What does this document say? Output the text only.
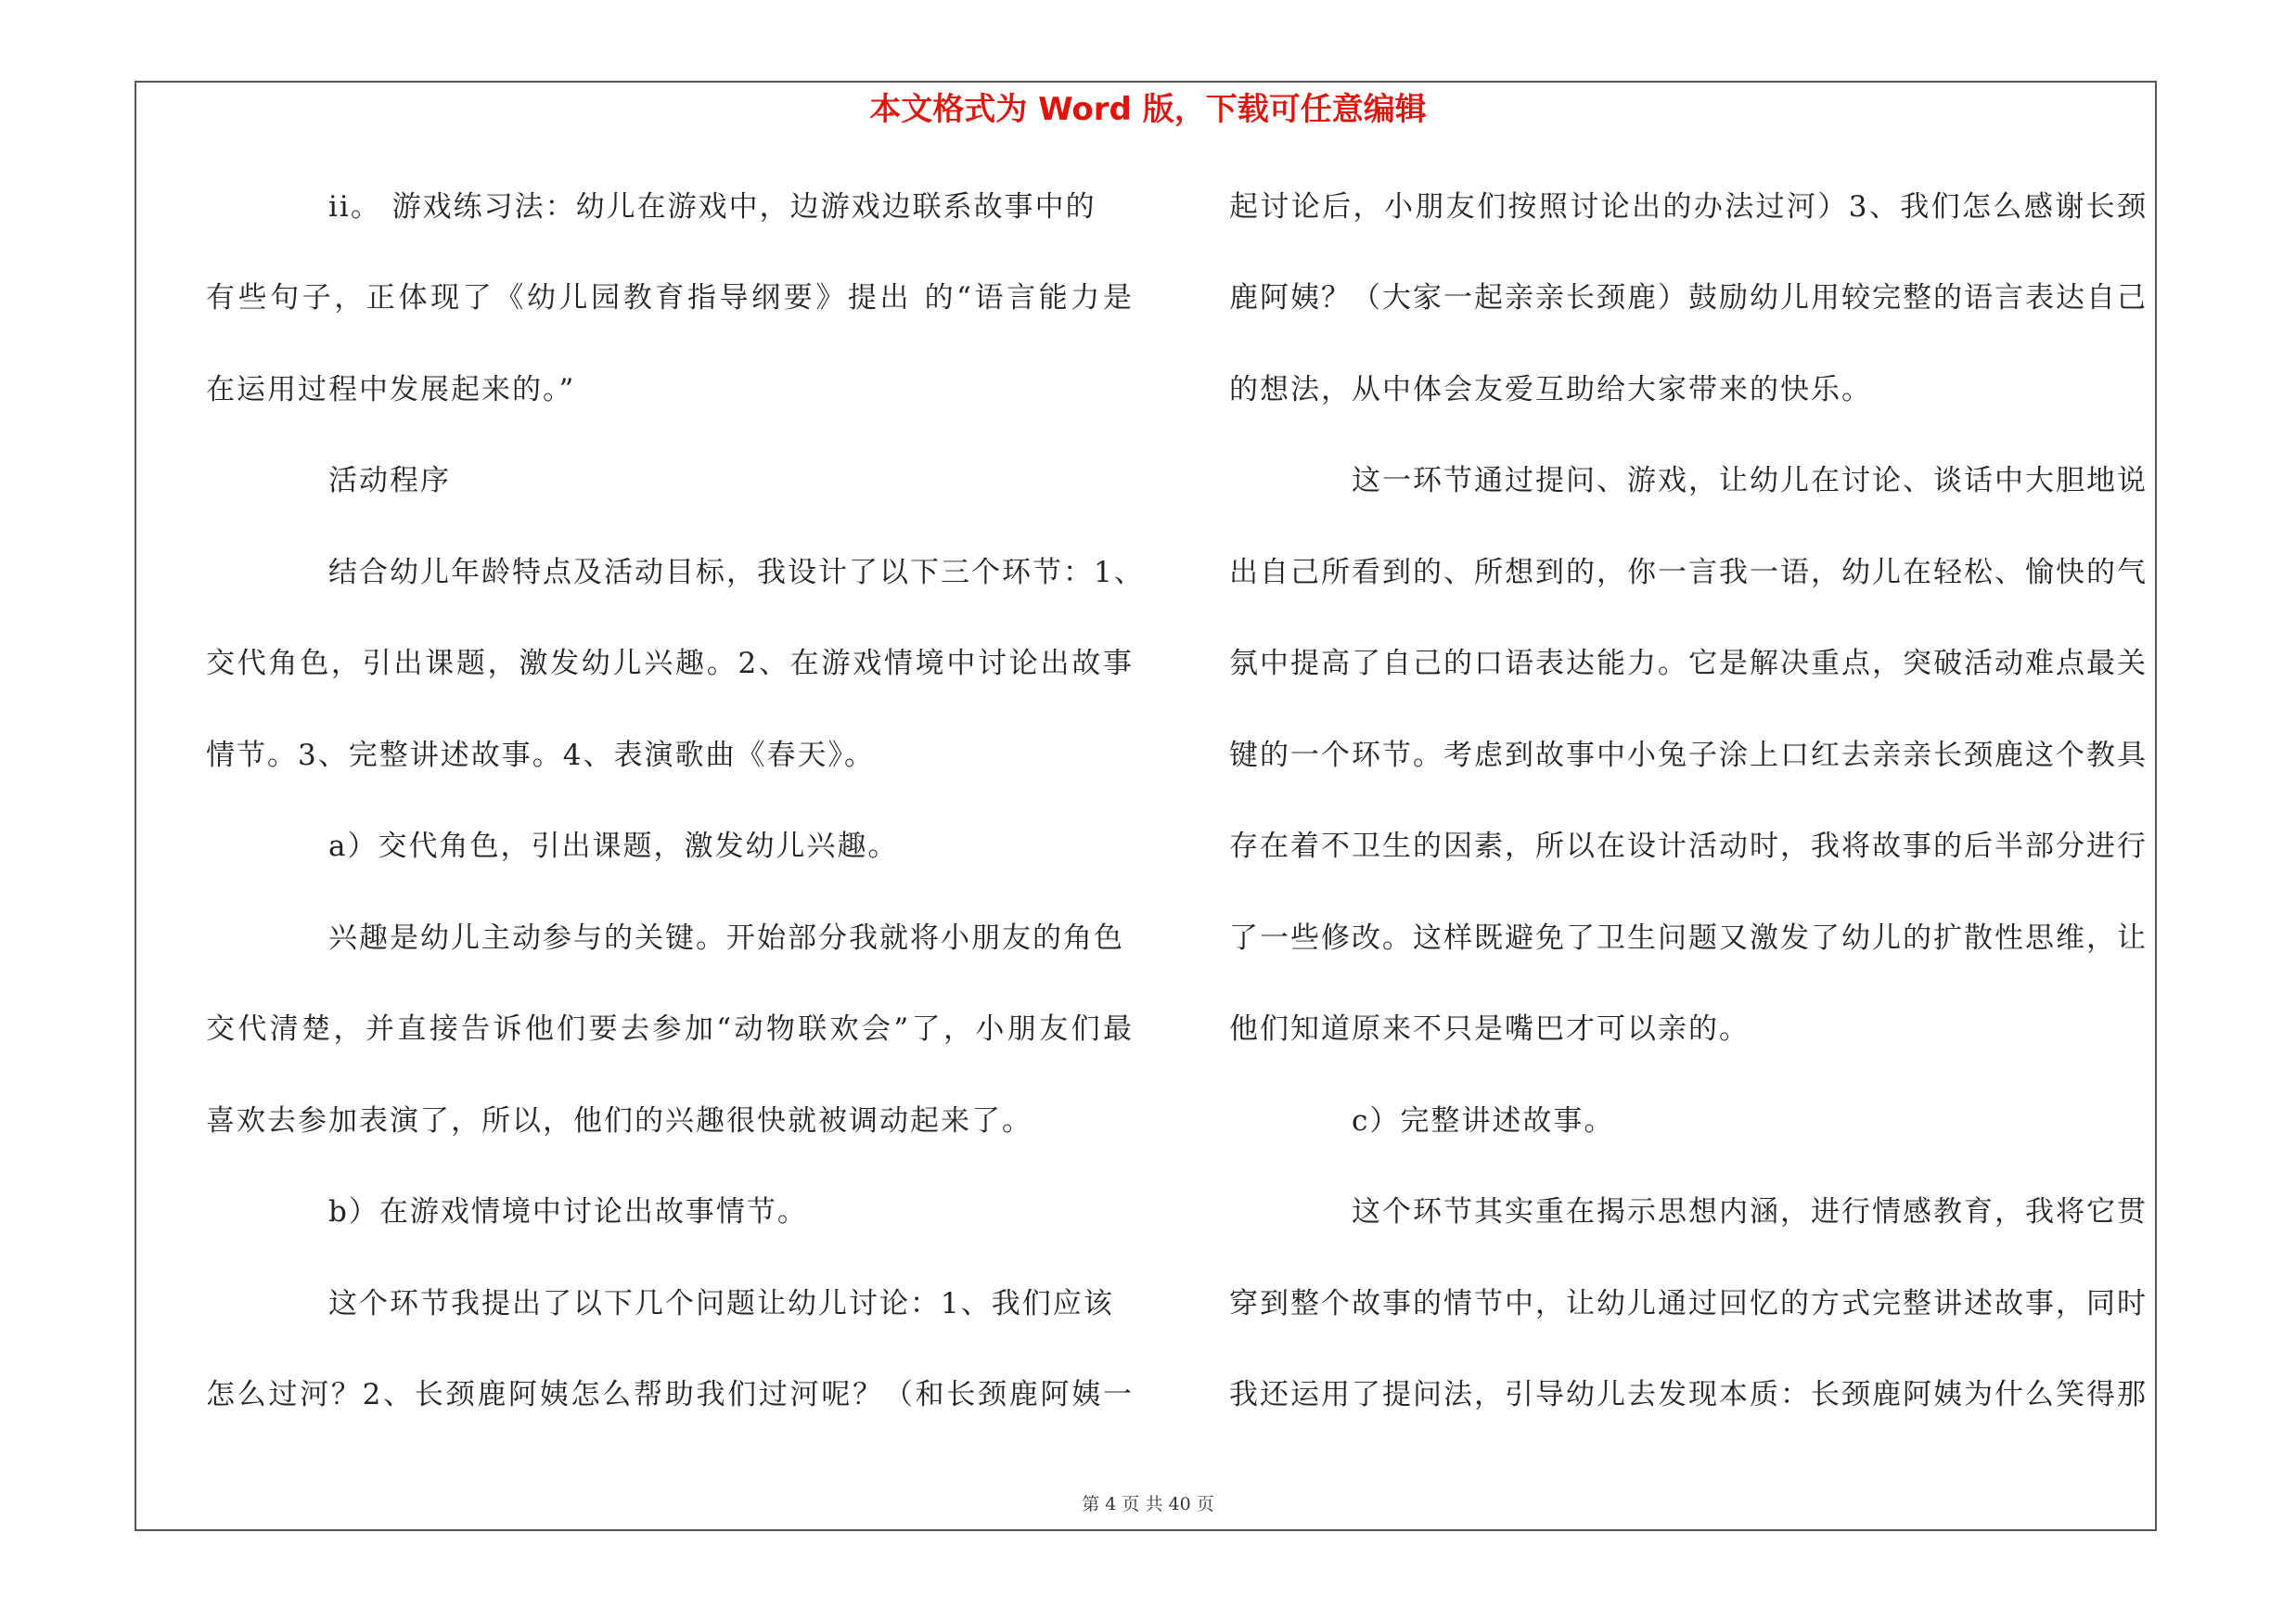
本文格式为 Word 版，下载可任意编辑
ii。 游戏练习法：幼儿在游戏中，边游戏边联系故事中的
有些句子，正体现了《幼儿园教育指导纲要》提出 的“语言能力是
在运用过程中发展起来的。”
活动程序
结合幼儿年龄特点及活动目标，我设计了以下三个环节：1、
交代角色，引出课题，激发幼儿兴趣。2、在游戏情境中讨论出故事
情节。3、完整讲述故事。4、表演歌曲《春天》。
a）交代角色，引出课题，激发幼儿兴趣。
兴趣是幼儿主动参与的关键。开始部分我就将小朋友的角色
交代清楚，并直接告诉他们要去参加“动物联欢会”了，小朋友们最
喜欢去参加表演了，所以，他们的兴趣很快就被调动起来了。
b）在游戏情境中讨论出故事情节。
这个环节我提出了以下几个问题让幼儿讨论：1、我们应该
怎么过河？2、长颈鹿阿姨怎么帮助我们过河呢？（和长颈鹿阿姨一
起讨论后，小朋友们按照讨论出的办法过河）3、我们怎么感谢长颈
鹿阿姨？（大家一起亲亲长颈鹿）鼓励幼儿用较完整的语言表达自己
的想法，从中体会友爱互助给大家带来的快乐。
这一环节通过提问、游戏，让幼儿在讨论、谈话中大胆地说
出自己所看到的、所想到的，你一言我一语，幼儿在轻松、愉快的气
氛中提高了自己的口语表达能力。它是解决重点，突破活动难点最关
键的一个环节。考虑到故事中小兔子涂上口红去亲亲长颈鹿这个教具
存在着不卫生的因素，所以在设计活动时，我将故事的后半部分进行
了一些修改。这样既避免了卫生问题又激发了幼儿的扩散性思维，让
他们知道原来不只是嘴巴才可以亲的。
c）完整讲述故事。
这个环节其实重在揭示思想内涵，进行情感教育，我将它贯
穿到整个故事的情节中，让幼儿通过回忆的方式完整讲述故事，同时
我还运用了提问法，引导幼儿去发现本质：长颈鹿阿姨为什么笑得那
第 4 页 共 40 页
